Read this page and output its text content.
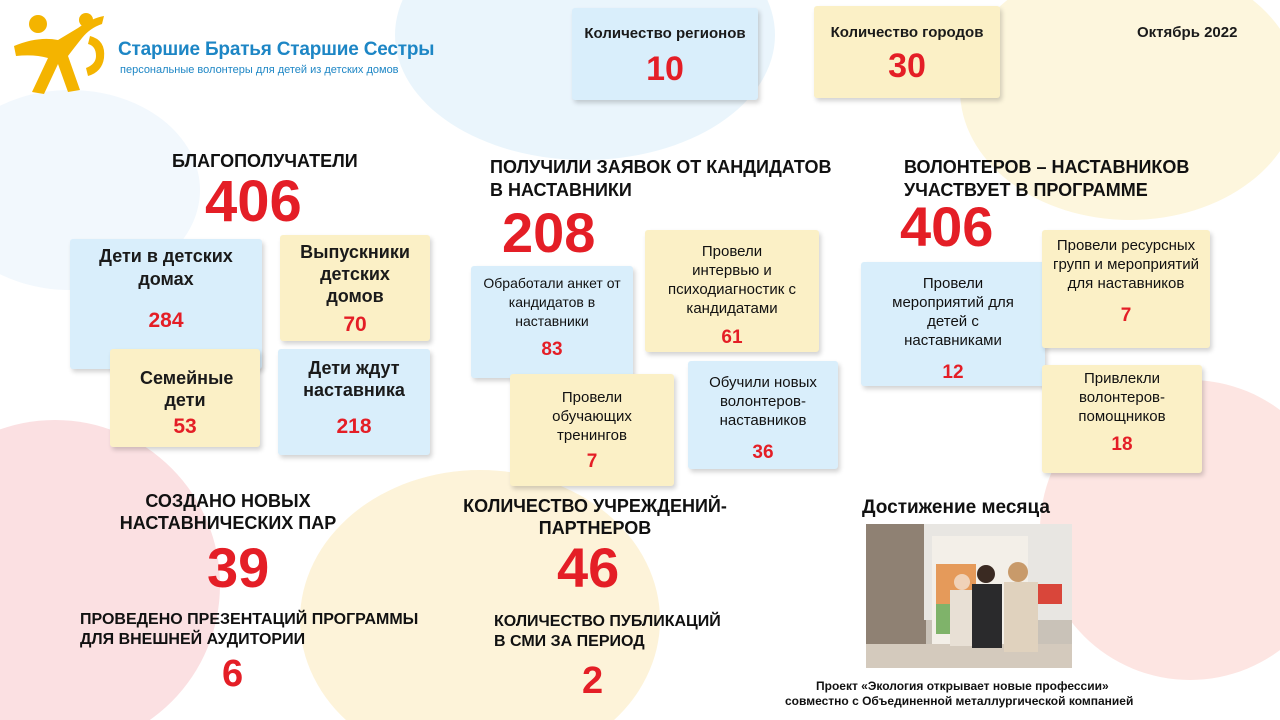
Старшие Братья Старшие Сестры
персональные волонтеры для детей из детских домов
Количество регионов
10
Количество городов
30
Октябрь 2022
БЛАГОПОЛУЧАТЕЛИ
406
Дети в детских домах
284
Выпускники детских домов
70
Семейные дети
53
Дети ждут наставника
218
ПОЛУЧИЛИ ЗАЯВОК ОТ КАНДИДАТОВ
В НАСТАВНИКИ
208
Обработали анкет от кандидатов в наставники
83
Провели интервью и психодиагностик с кандидатами
61
Провели обучающих тренингов
7
Обучили новых волонтеров-наставников
36
ВОЛОНТЕРОВ – НАСТАВНИКОВ
УЧАСТВУЕТ В ПРОГРАММЕ
406
Провели мероприятий для детей с наставниками
12
Провели ресурсных групп и мероприятий для наставников
7
Привлекли волонтеров-помощников
18
СОЗДАНО НОВЫХ НАСТАВНИЧЕСКИХ ПАР
39
КОЛИЧЕСТВО УЧРЕЖДЕНИЙ-ПАРТНЕРОВ
46
ПРОВЕДЕНО ПРЕЗЕНТАЦИЙ ПРОГРАММЫ ДЛЯ ВНЕШНЕЙ АУДИТОРИИ
6
КОЛИЧЕСТВО ПУБЛИКАЦИЙ В СМИ ЗА ПЕРИОД
2
Достижение месяца
Проект «Экология открывает новые профессии»
совместно с Объединенной металлургической компанией
